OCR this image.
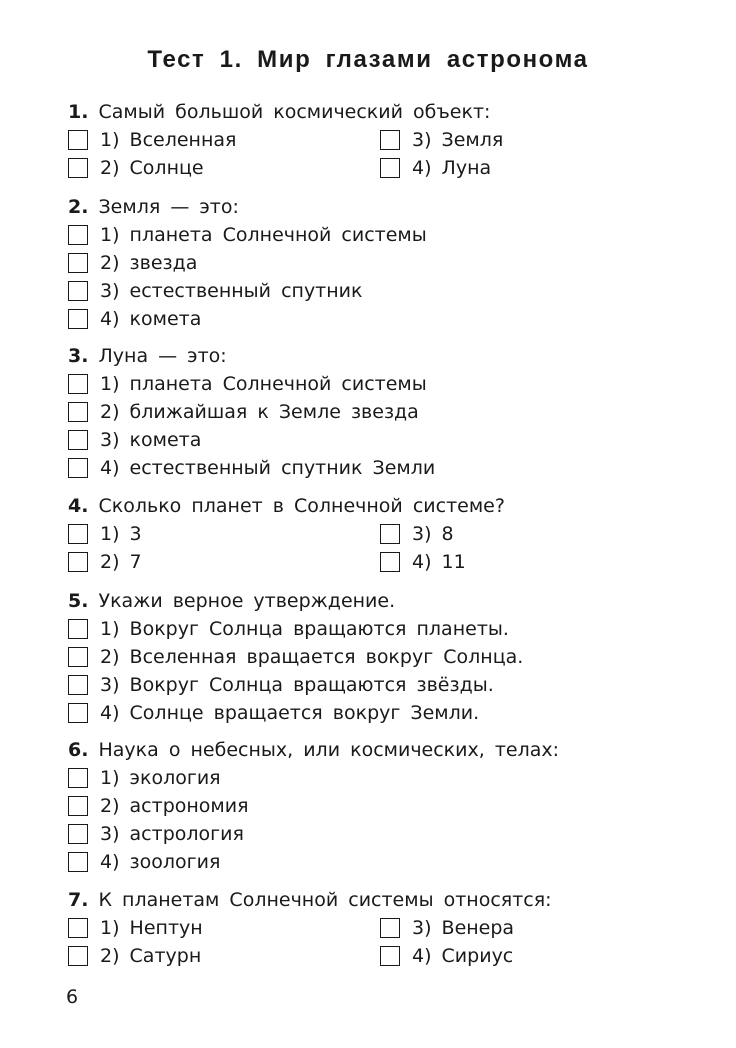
Тест 1. Мир глазами астронома
1. Самый большой космический объект:
1) Вселенная	3) Земля
2) Солнце	4) Луна
2. Земля — это:
1) планета Солнечной системы
2) звезда
3) естественный спутник
4) комета
3. Луна — это:
1) планета Солнечной системы
2) ближайшая к Земле звезда
3) комета
4) естественный спутник Земли
4. Сколько планет в Солнечной системе?
1) 3	3) 8
2) 7	4) 11
5. Укажи верное утверждение.
1) Вокруг Солнца вращаются планеты.
2) Вселенная вращается вокруг Солнца.
3) Вокруг Солнца вращаются звёзды.
4) Солнце вращается вокруг Земли.
6. Наука о небесных, или космических, телах:
1) экология
2) астрономия
3) астрология
4) зоология
7. К планетам Солнечной системы относятся:
1) Нептун	3) Венера
2) Сатурн	4) Сириус
6
